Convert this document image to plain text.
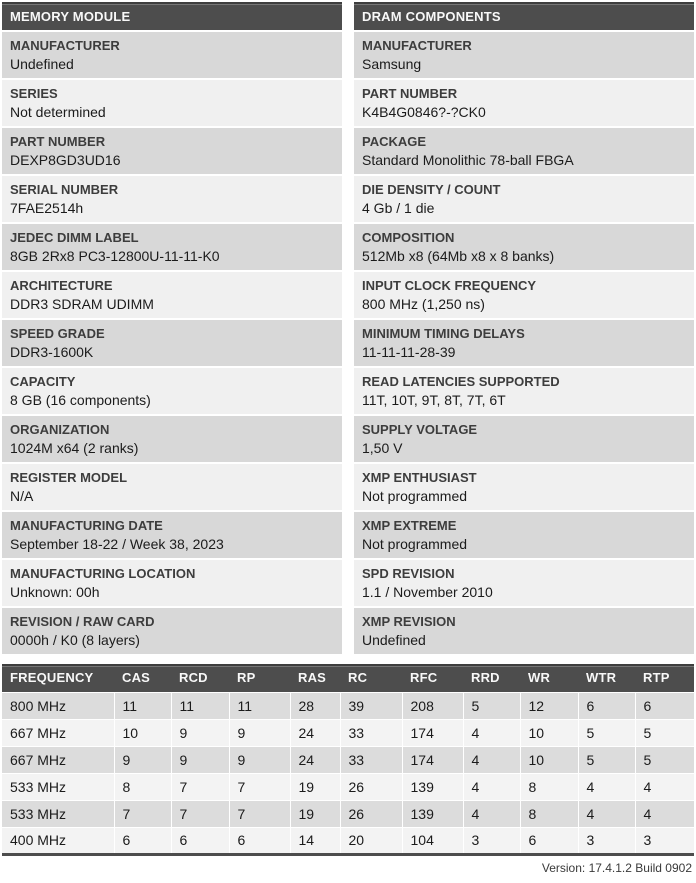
MEMORY MODULE
MANUFACTURER
Undefined
SERIES
Not determined
PART NUMBER
DEXP8GD3UD16
SERIAL NUMBER
7FAE2514h
JEDEC DIMM LABEL
8GB 2Rx8 PC3-12800U-11-11-K0
ARCHITECTURE
DDR3 SDRAM UDIMM
SPEED GRADE
DDR3-1600K
CAPACITY
8 GB (16 components)
ORGANIZATION
1024M x64 (2 ranks)
REGISTER MODEL
N/A
MANUFACTURING DATE
September 18-22 / Week 38, 2023
MANUFACTURING LOCATION
Unknown: 00h
REVISION / RAW CARD
0000h / K0 (8 layers)
DRAM COMPONENTS
MANUFACTURER
Samsung
PART NUMBER
K4B4G0846?-?CK0
PACKAGE
Standard Monolithic 78-ball FBGA
DIE DENSITY / COUNT
4 Gb / 1 die
COMPOSITION
512Mb x8 (64Mb x8 x 8 banks)
INPUT CLOCK FREQUENCY
800 MHz (1,250 ns)
MINIMUM TIMING DELAYS
11-11-11-28-39
READ LATENCIES SUPPORTED
11T, 10T, 9T, 8T, 7T, 6T
SUPPLY VOLTAGE
1,50 V
XMP ENTHUSIAST
Not programmed
XMP EXTREME
Not programmed
SPD REVISION
1.1 / November 2010
XMP REVISION
Undefined
FREQUENCY	CAS	RCD	RP	RAS	RC	RFC	RRD	WR	WTR	RTP
800 MHz	11	11	11	28	39	208	5	12	6	6
667 MHz	10	9	9	24	33	174	4	10	5	5
667 MHz	9	9	9	24	33	174	4	10	5	5
533 MHz	8	7	7	19	26	139	4	8	4	4
533 MHz	7	7	7	19	26	139	4	8	4	4
400 MHz	6	6	6	14	20	104	3	6	3	3
Version: 17.4.1.2 Build 0902
